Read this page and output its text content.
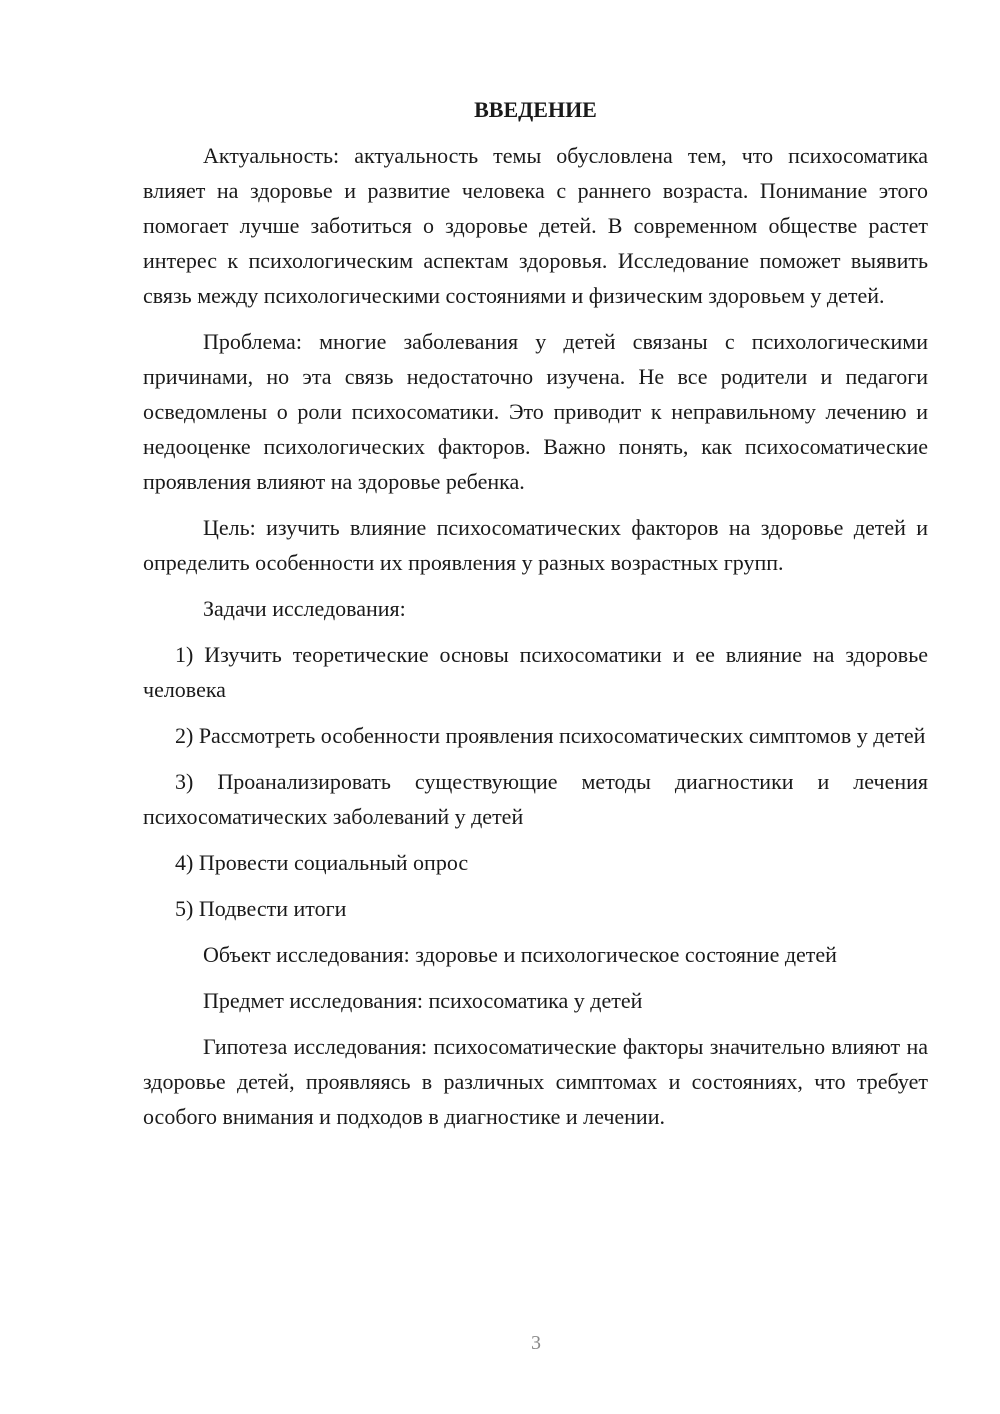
ВВЕДЕНИЕ

Актуальность: актуальность темы обусловлена тем, что психосоматика влияет на здоровье и развитие человека с раннего возраста. Понимание этого помогает лучше заботиться о здоровье детей. В современном обществе растет интерес к психологическим аспектам здоровья. Исследование поможет выявить связь между психологическими состояниями и физическим здоровьем у детей.

Проблема: многие заболевания у детей связаны с психологическими причинами, но эта связь недостаточно изучена. Не все родители и педагоги осведомлены о роли психосоматики. Это приводит к неправильному лечению и недооценке психологических факторов. Важно понять, как психосоматические проявления влияют на здоровье ребенка.

Цель: изучить влияние психосоматических факторов на здоровье детей и определить особенности их проявления у разных возрастных групп.

Задачи исследования:

1) Изучить теоретические основы психосоматики и ее влияние на здоровье человека

2) Рассмотреть особенности проявления психосоматических симптомов у детей

3) Проанализировать существующие методы диагностики и лечения психосоматических заболеваний у детей

4) Провести социальный опрос

5) Подвести итоги

Объект исследования: здоровье и психологическое состояние детей

Предмет исследования: психосоматика у детей

Гипотеза исследования: психосоматические факторы значительно влияют на здоровье детей, проявляясь в различных симптомах и состояниях, что требует особого внимания и подходов в диагностике и лечении.

3
